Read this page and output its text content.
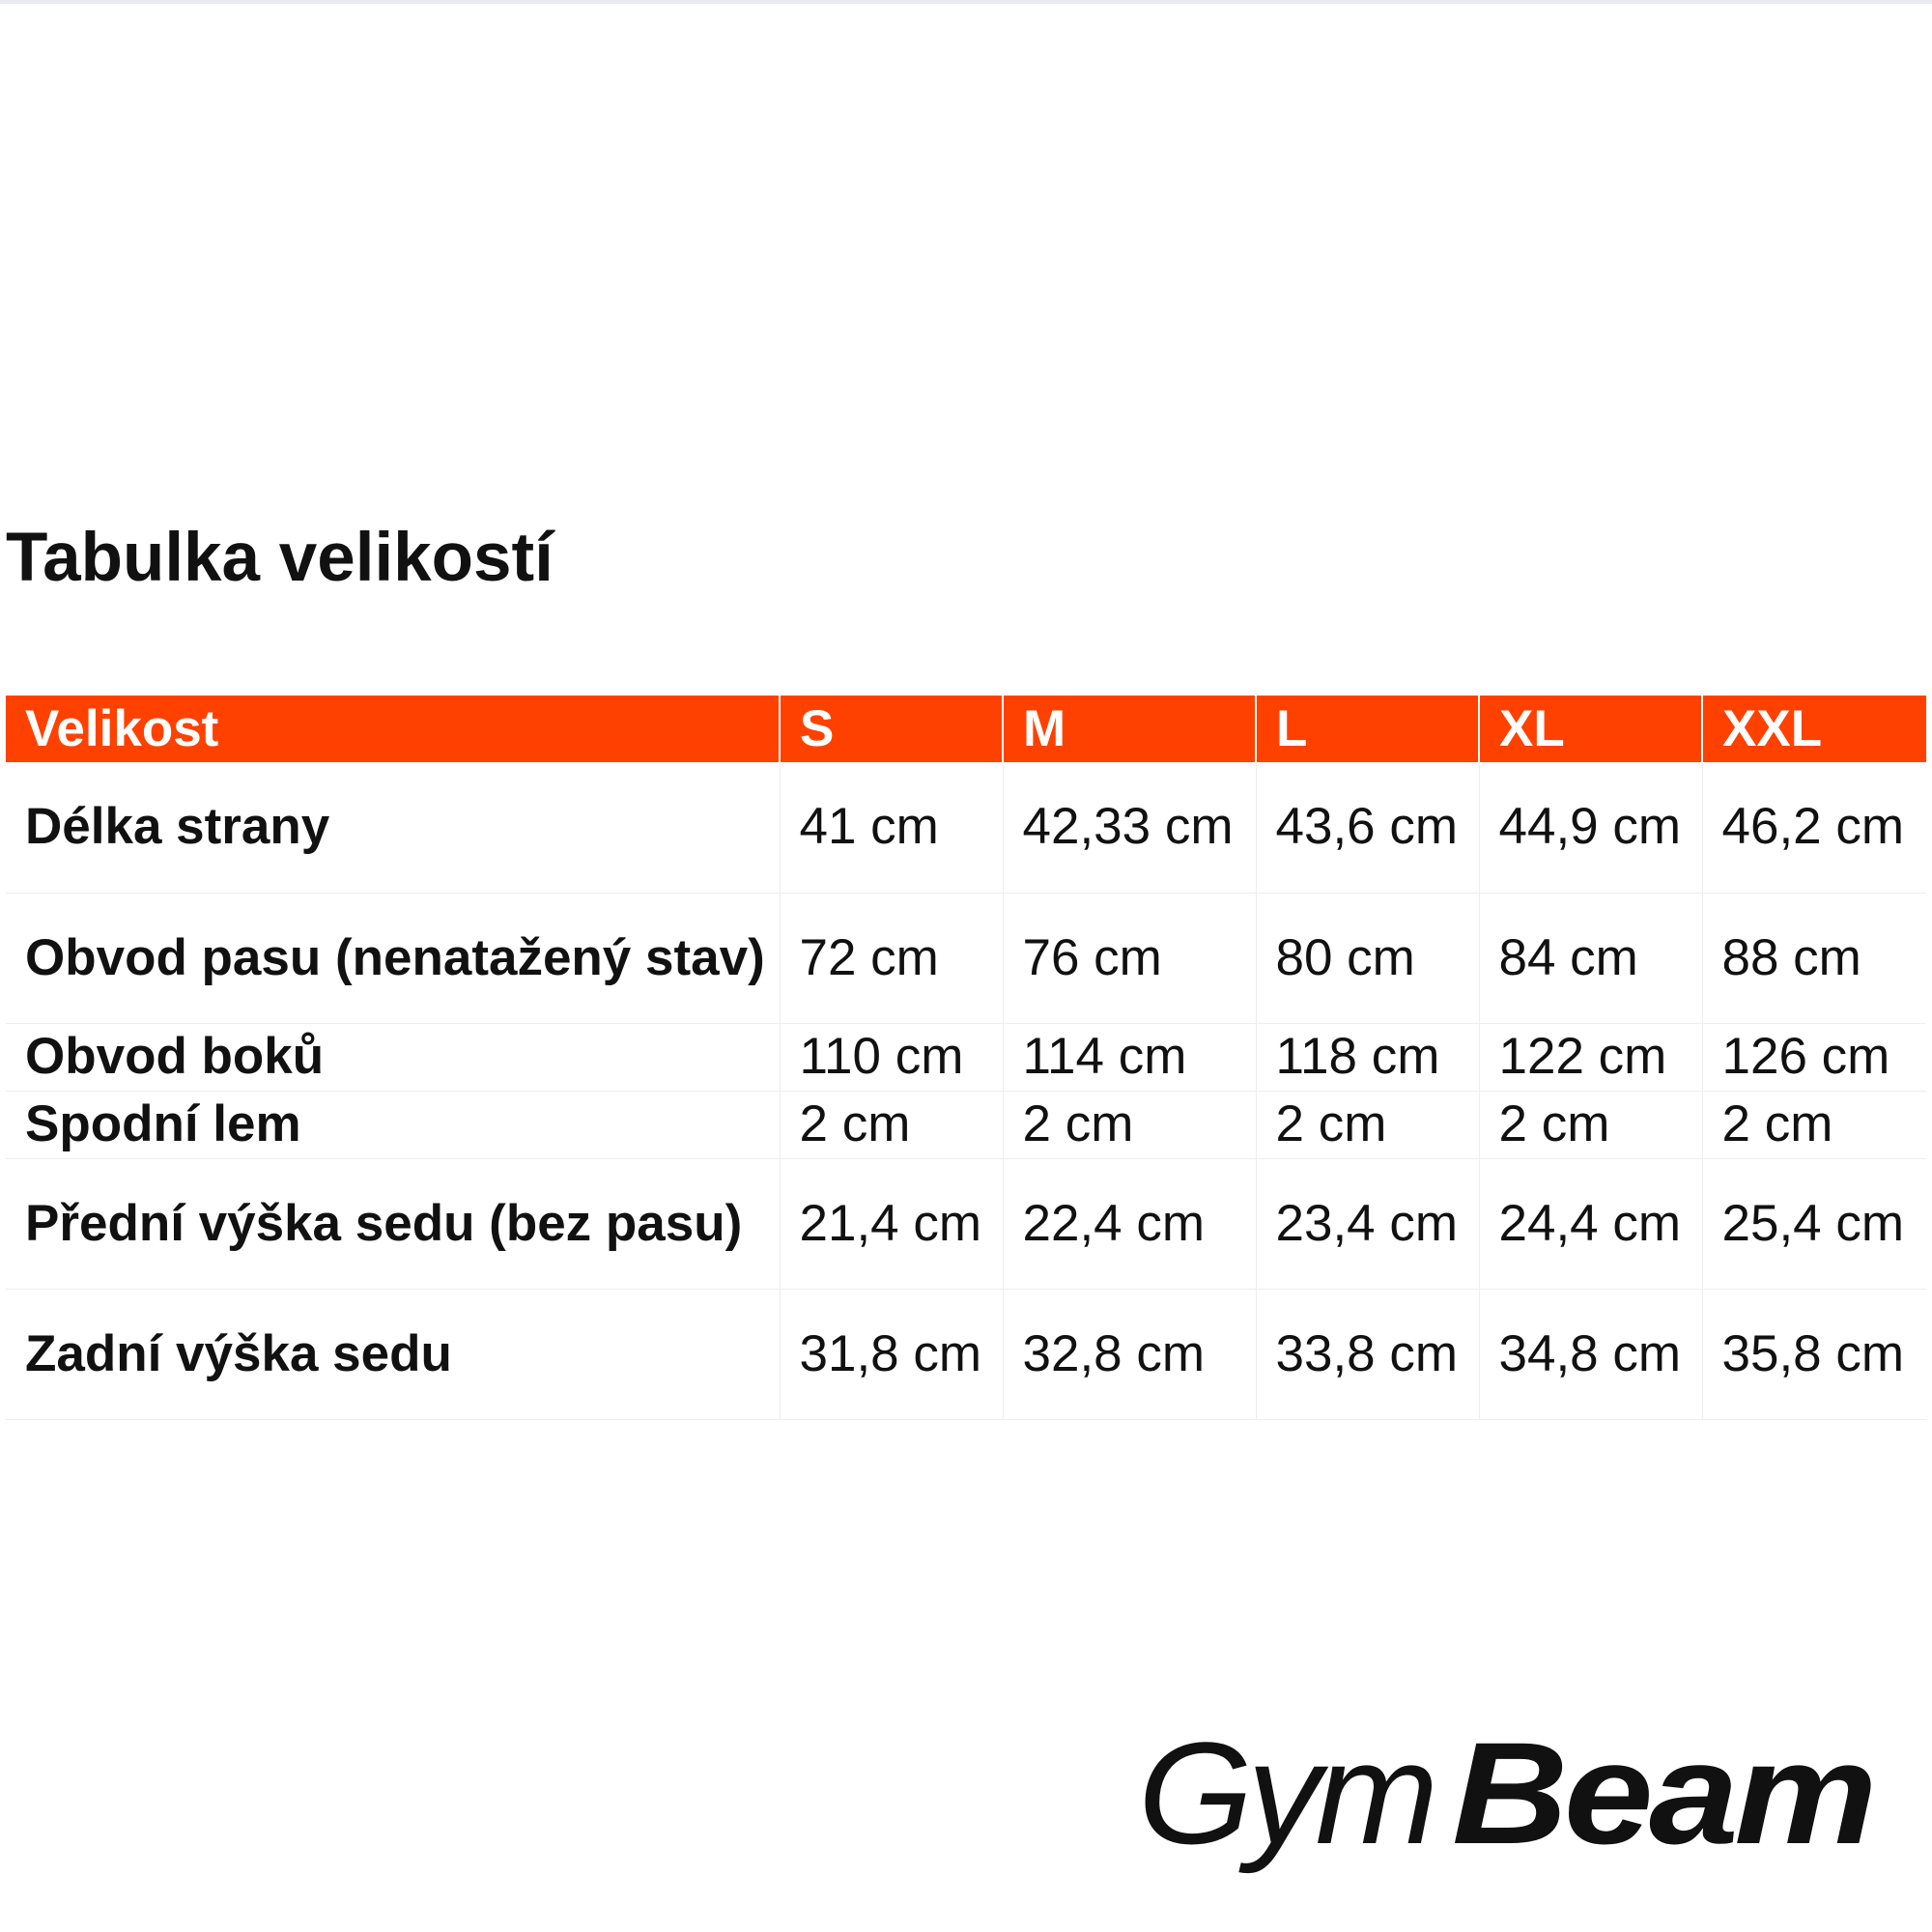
Tabulka velikostí
Velikost	S	M	L	XL	XXL
Délka strany	41 cm	42,33 cm	43,6 cm	44,9 cm	46,2 cm
Obvod pasu (nenatažený stav)	72 cm	76 cm	80 cm	84 cm	88 cm
Obvod boků	110 cm	114 cm	118 cm	122 cm	126 cm
Spodní lem	2 cm	2 cm	2 cm	2 cm	2 cm
Přední výška sedu (bez pasu)	21,4 cm	22,4 cm	23,4 cm	24,4 cm	25,4 cm
Zadní výška sedu	31,8 cm	32,8 cm	33,8 cm	34,8 cm	35,8 cm
Gym Beam
